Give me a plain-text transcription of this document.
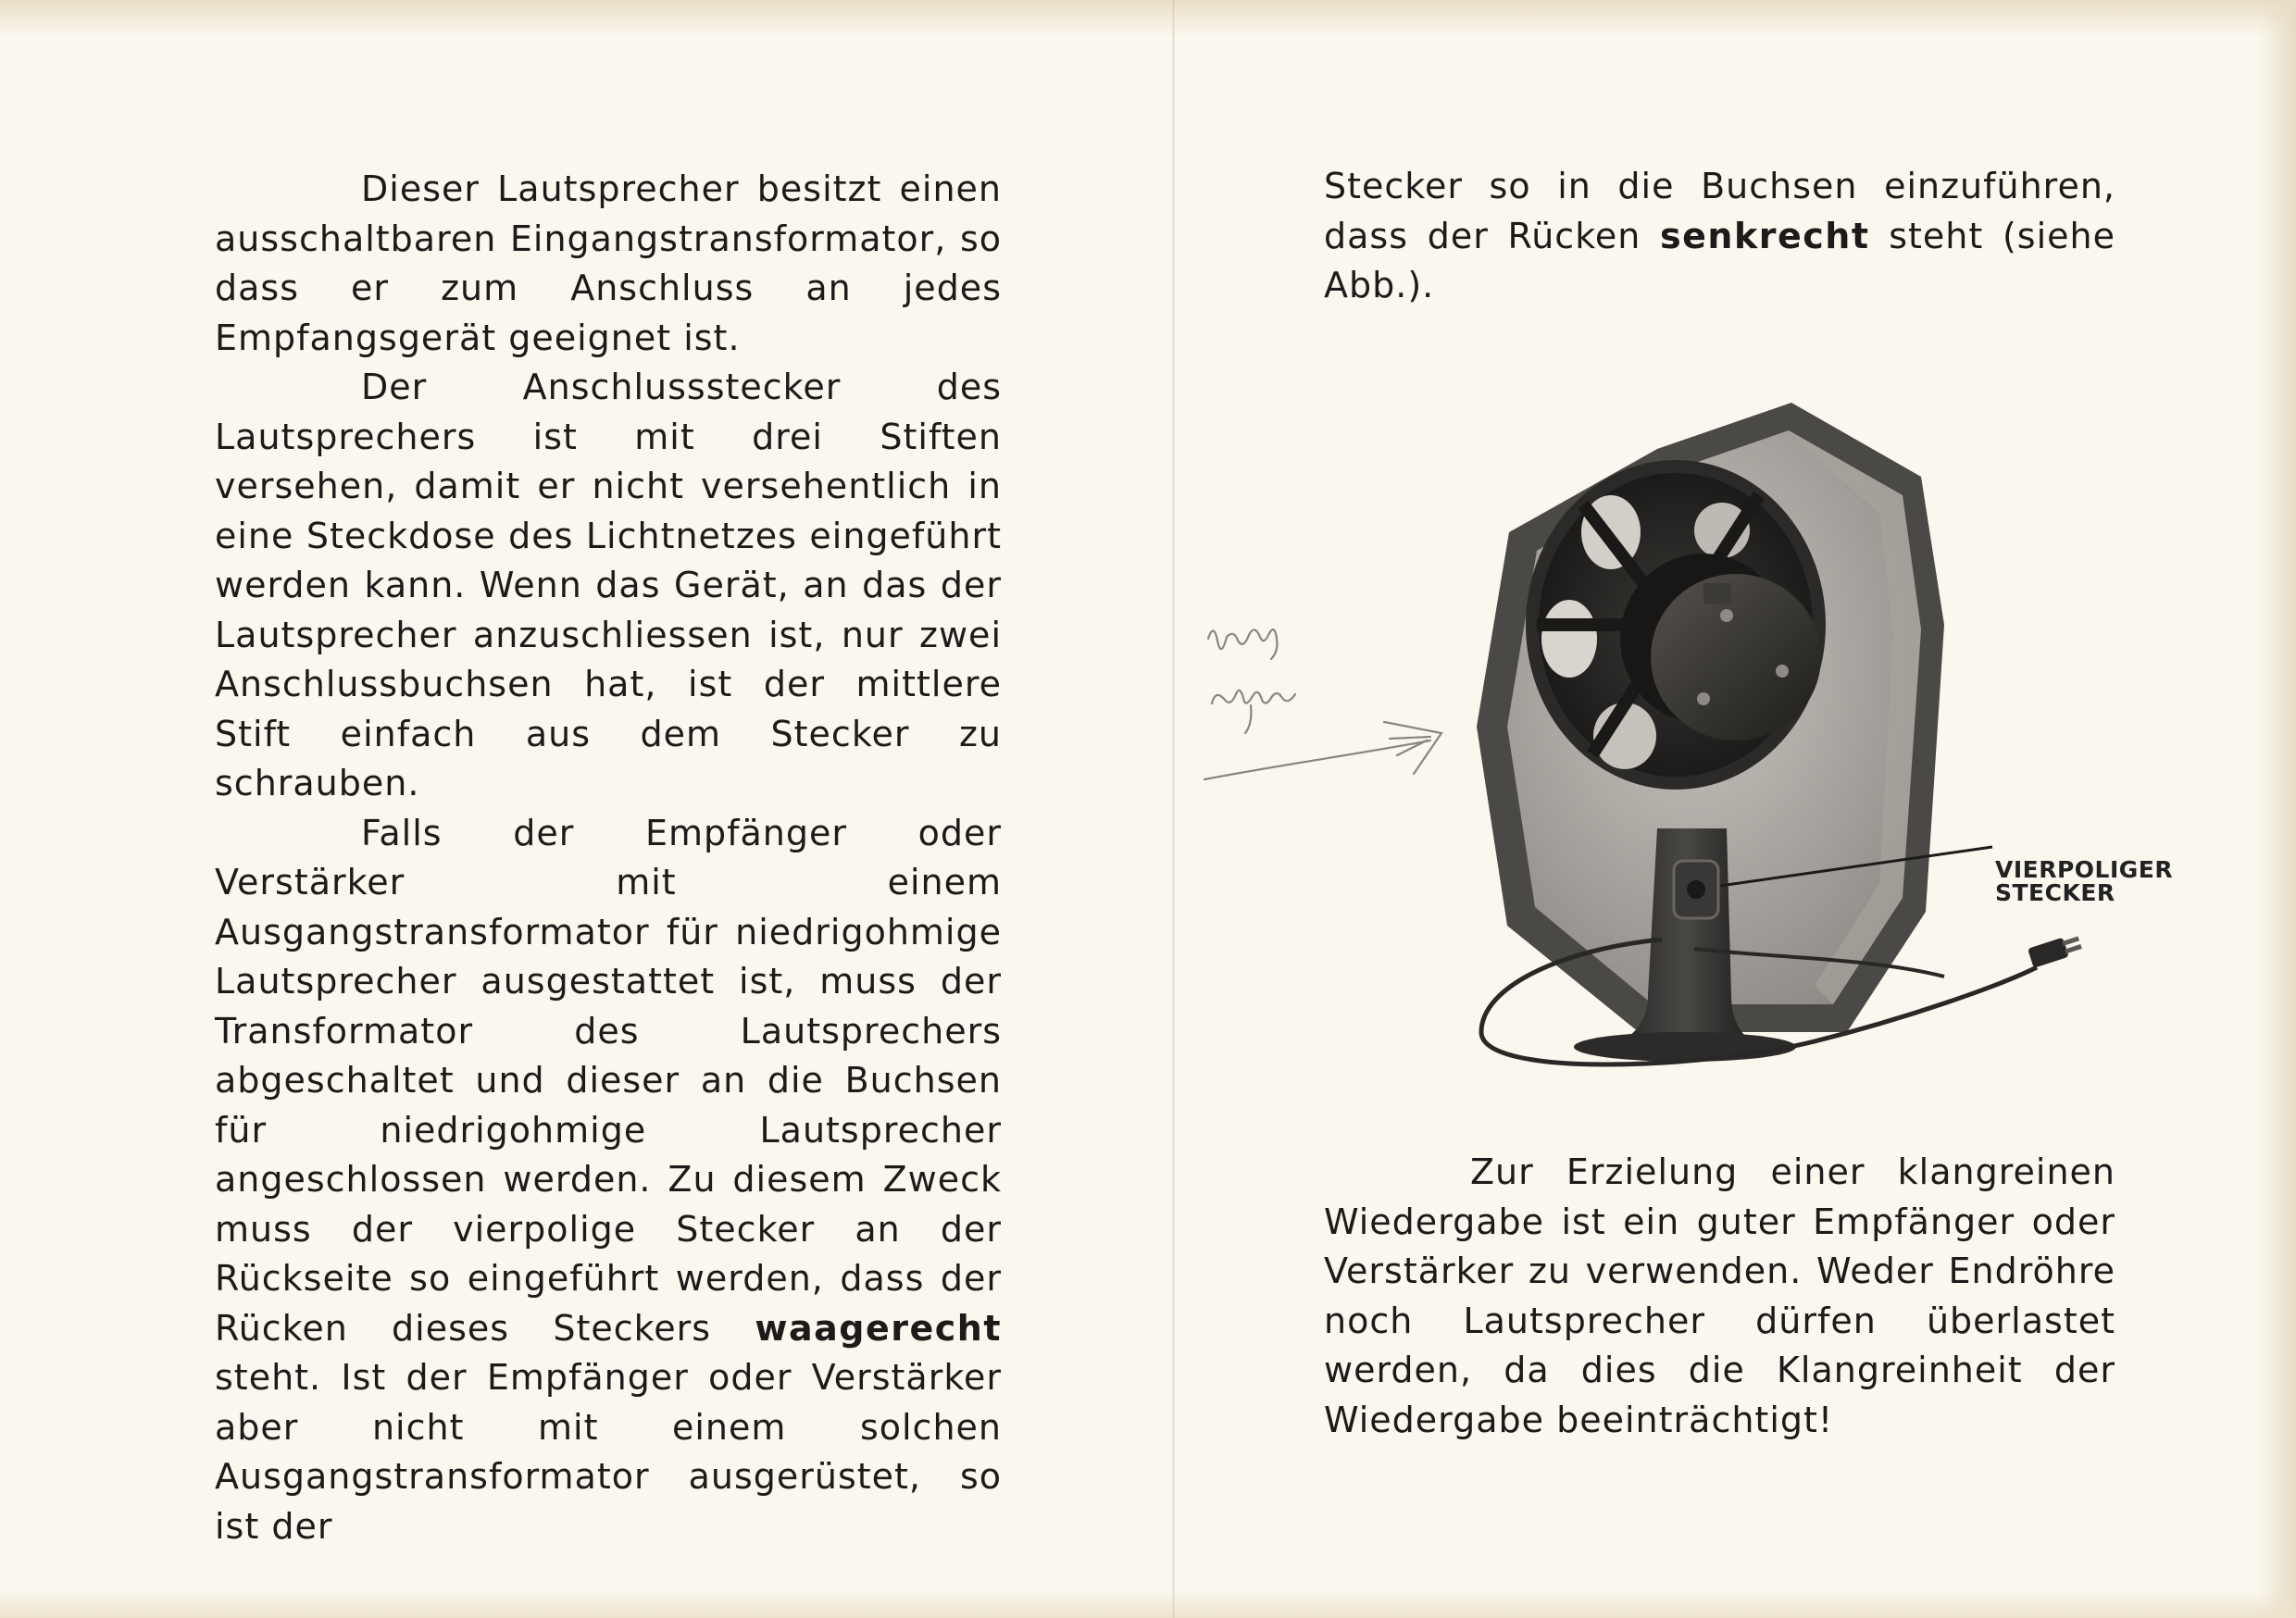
Dieser Lautsprecher besitzt einen ausschaltbaren Eingangstransformator, so dass er zum Anschluss an jedes Empfangsgerät geeignet ist.

Der Anschlussstecker des Lautsprechers ist mit drei Stiften versehen, damit er nicht versehentlich in eine Steckdose des Lichtnetzes eingeführt werden kann. Wenn das Gerät, an das der Lautsprecher anzuschliessen ist, nur zwei Anschlussbuchsen hat, ist der mittlere Stift einfach aus dem Stecker zu schrauben.

Falls der Empfänger oder Verstärker mit einem Ausgangstransformator für niedrigohmige Lautsprecher ausgestattet ist, muss der Transformator des Lautsprechers abgeschaltet und dieser an die Buchsen für niedrigohmige Lautsprecher angeschlossen werden. Zu diesem Zweck muss der vierpolige Stecker an der Rückseite so eingeführt werden, dass der Rücken dieses Steckers waagerecht steht. Ist der Empfänger oder Verstärker aber nicht mit einem solchen Ausgangstransformator ausgerüstet, so ist der

Stecker so in die Buchsen einzuführen, dass der Rücken senkrecht steht (siehe Abb.).

VIERPOLIGER
STECKER

Zur Erzielung einer klangreinen Wiedergabe ist ein guter Empfänger oder Verstärker zu verwenden. Weder Endröhre noch Lautsprecher dürfen überlastet werden, da dies die Klangreinheit der Wiedergabe beeinträchtigt!
